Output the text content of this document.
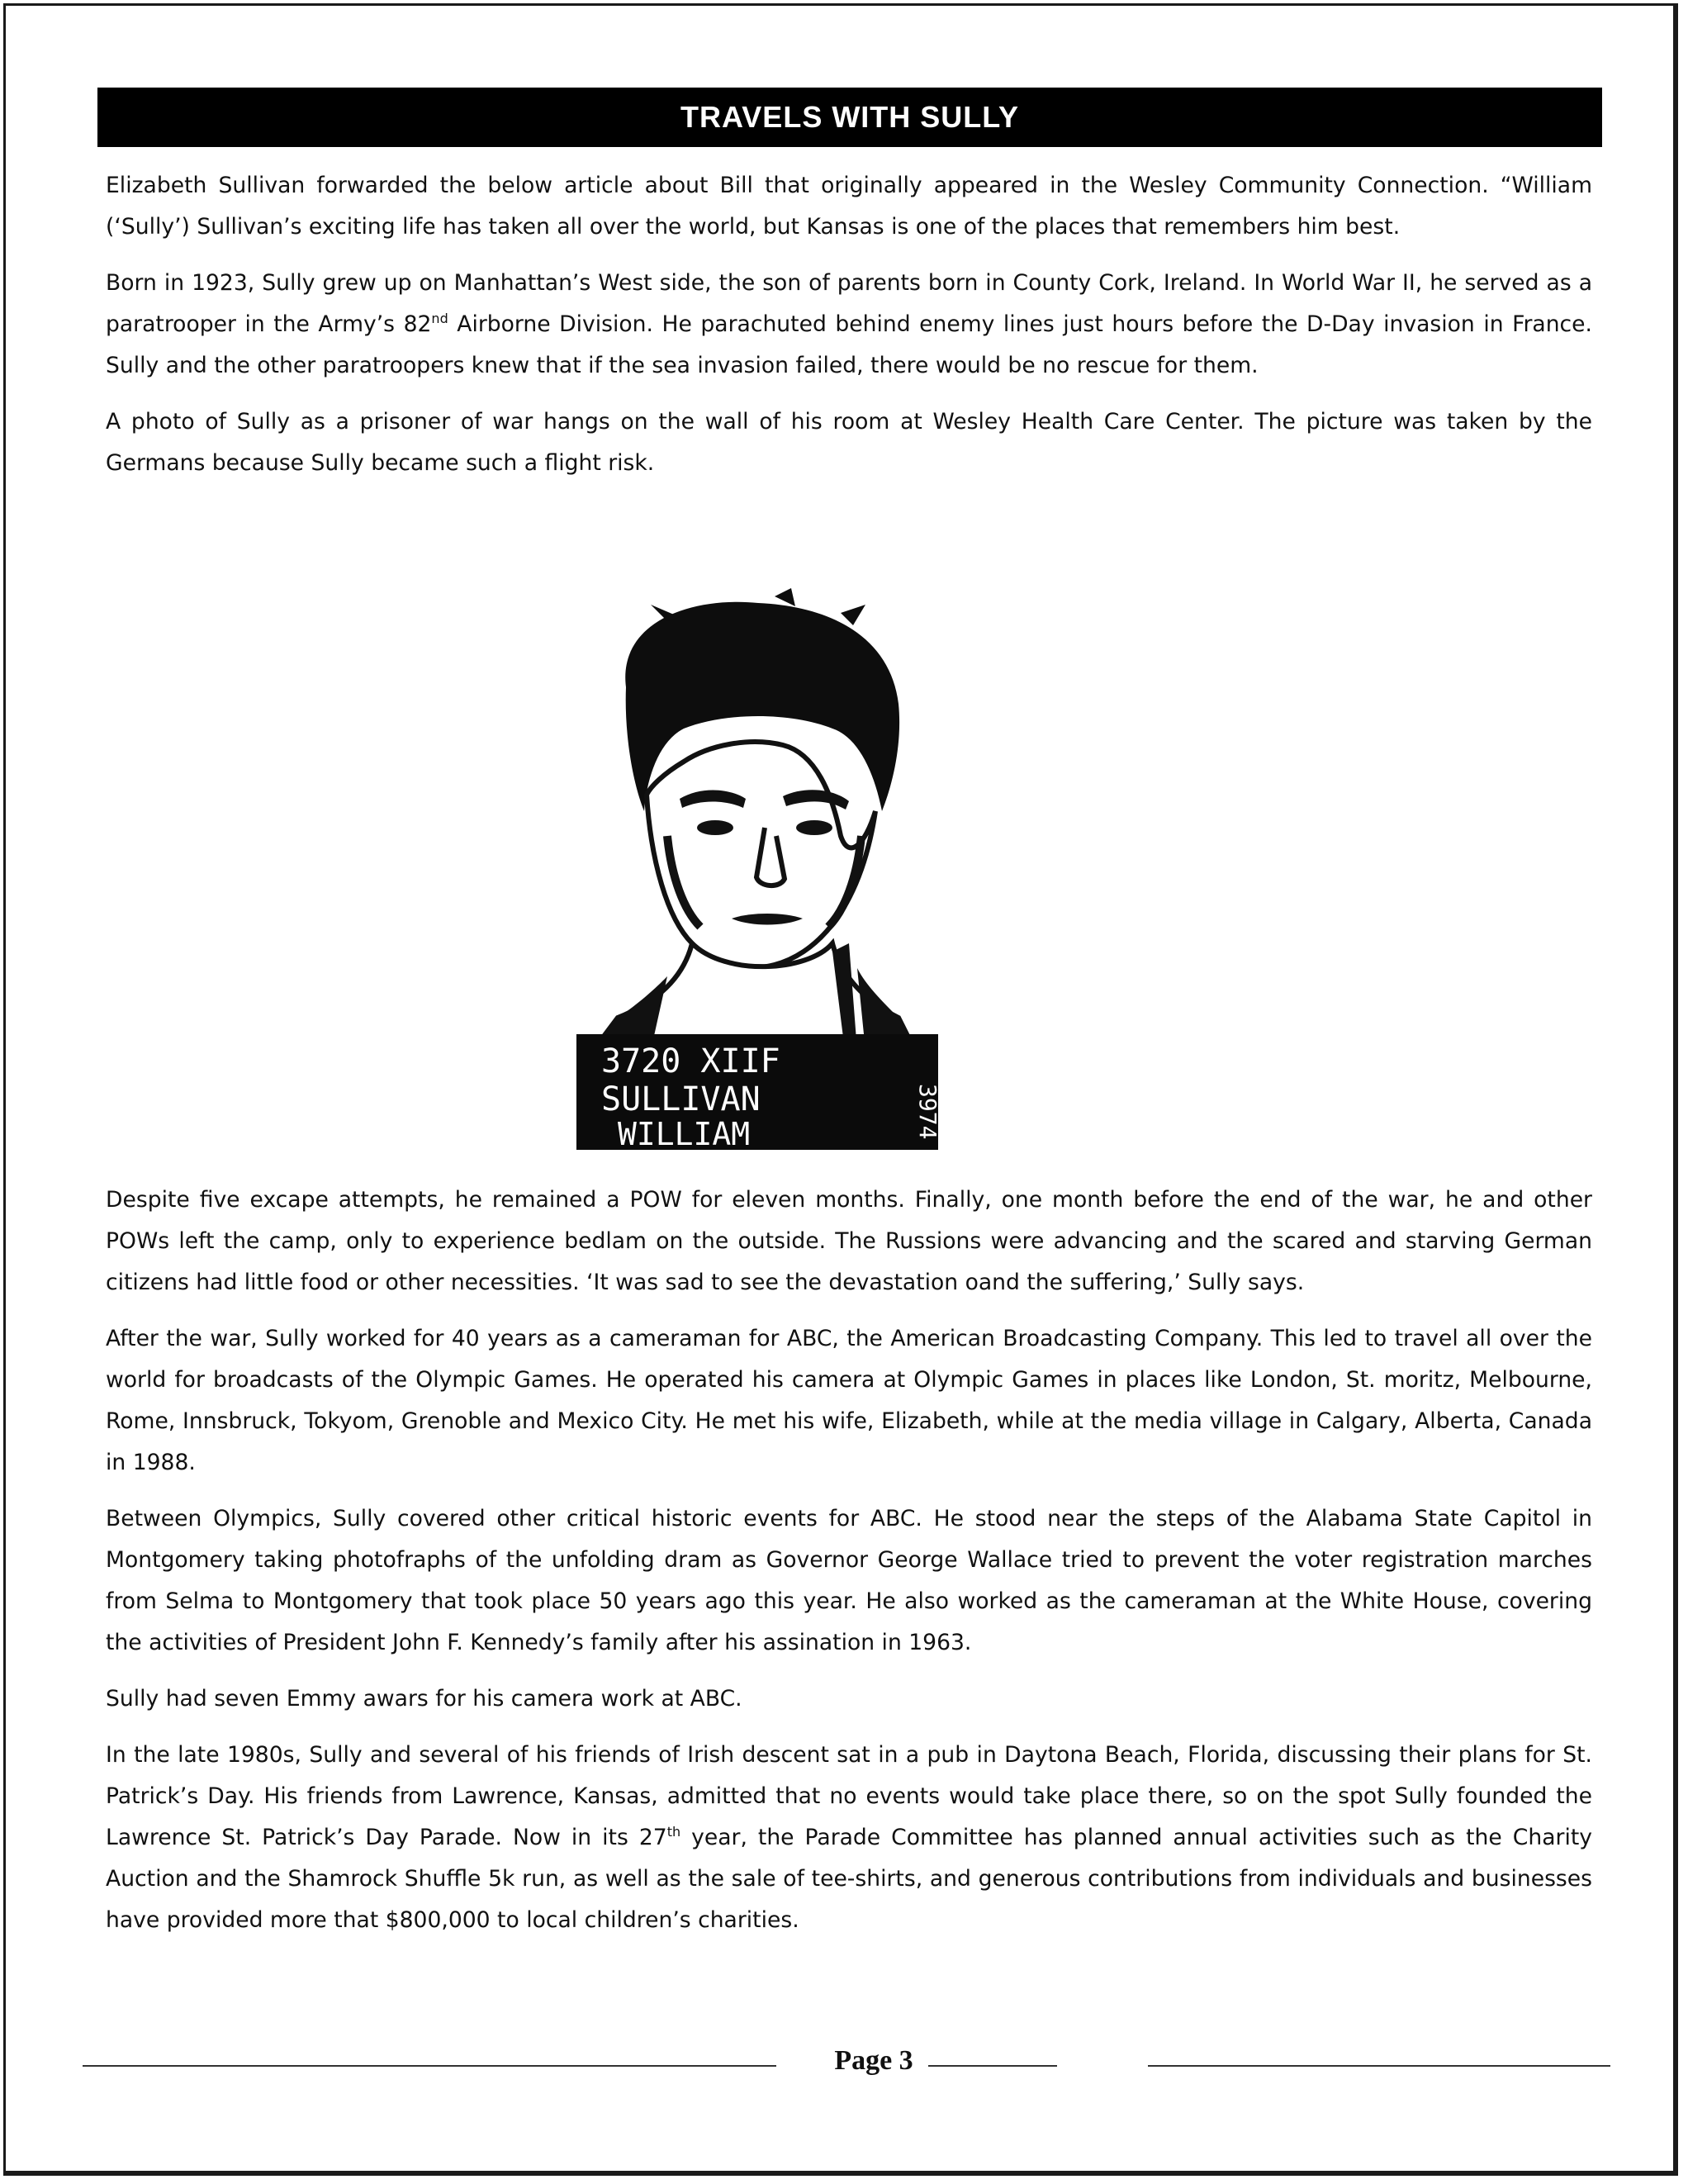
TRAVELS WITH SULLY

Elizabeth Sullivan forwarded the below article about Bill that originally appeared in the Wesley Community Connection. “William (‘Sully’) Sullivan’s exciting life has taken all over the world, but Kansas is one of the places that remembers him best.

Born in 1923, Sully grew up on Manhattan’s West side, the son of parents born in County Cork, Ireland. In World War II, he served as a paratrooper in the Army’s 82nd Airborne Division. He parachuted behind enemy lines just hours before the D-Day invasion in France. Sully and the other paratroopers knew that if the sea invasion failed, there would be no rescue for them.

A photo of Sully as a prisoner of war hangs on the wall of his room at Wesley Health Care Center. The picture was taken by the Germans because Sully became such a flight risk.

3720 XIIF
SULLIVAN
WILLIAM	3974

Despite five excape attempts, he remained a POW for eleven months. Finally, one month before the end of the war, he and other POWs left the camp, only to experience bedlam on the outside. The Russions were advancing and the scared and starving German citizens had little food or other necessities. ‘It was sad to see the devastation oand the suffering,’ Sully says.

After the war, Sully worked for 40 years as a cameraman for ABC, the American Broadcasting Company. This led to travel all over the world for broadcasts of the Olympic Games. He operated his camera at Olympic Games in places like London, St. moritz, Melbourne, Rome, Innsbruck, Tokyom, Grenoble and Mexico City. He met his wife, Elizabeth, while at the media village in Calgary, Alberta, Canada in 1988.

Between Olympics, Sully covered other critical historic events for ABC. He stood near the steps of the Alabama State Capitol in Montgomery taking photofraphs of the unfolding dram as Governor George Wallace tried to prevent the voter registration marches from Selma to Montgomery that took place 50 years ago this year. He also worked as the cameraman at the White House, covering the activities of President John F. Kennedy’s family after his assination in 1963.

Sully had seven Emmy awars for his camera work at ABC.

In the late 1980s, Sully and several of his friends of Irish descent sat in a pub in Daytona Beach, Florida, discussing their plans for St. Patrick’s Day. His friends from Lawrence, Kansas, admitted that no events would take place there, so on the spot Sully founded the Lawrence St. Patrick’s Day Parade. Now in its 27th year, the Parade Committee has planned annual activities such as the Charity Auction and the Shamrock Shuffle 5k run, as well as the sale of tee-shirts, and generous contributions from individuals and businesses have provided more that $800,000 to local children’s charities.

Page 3
